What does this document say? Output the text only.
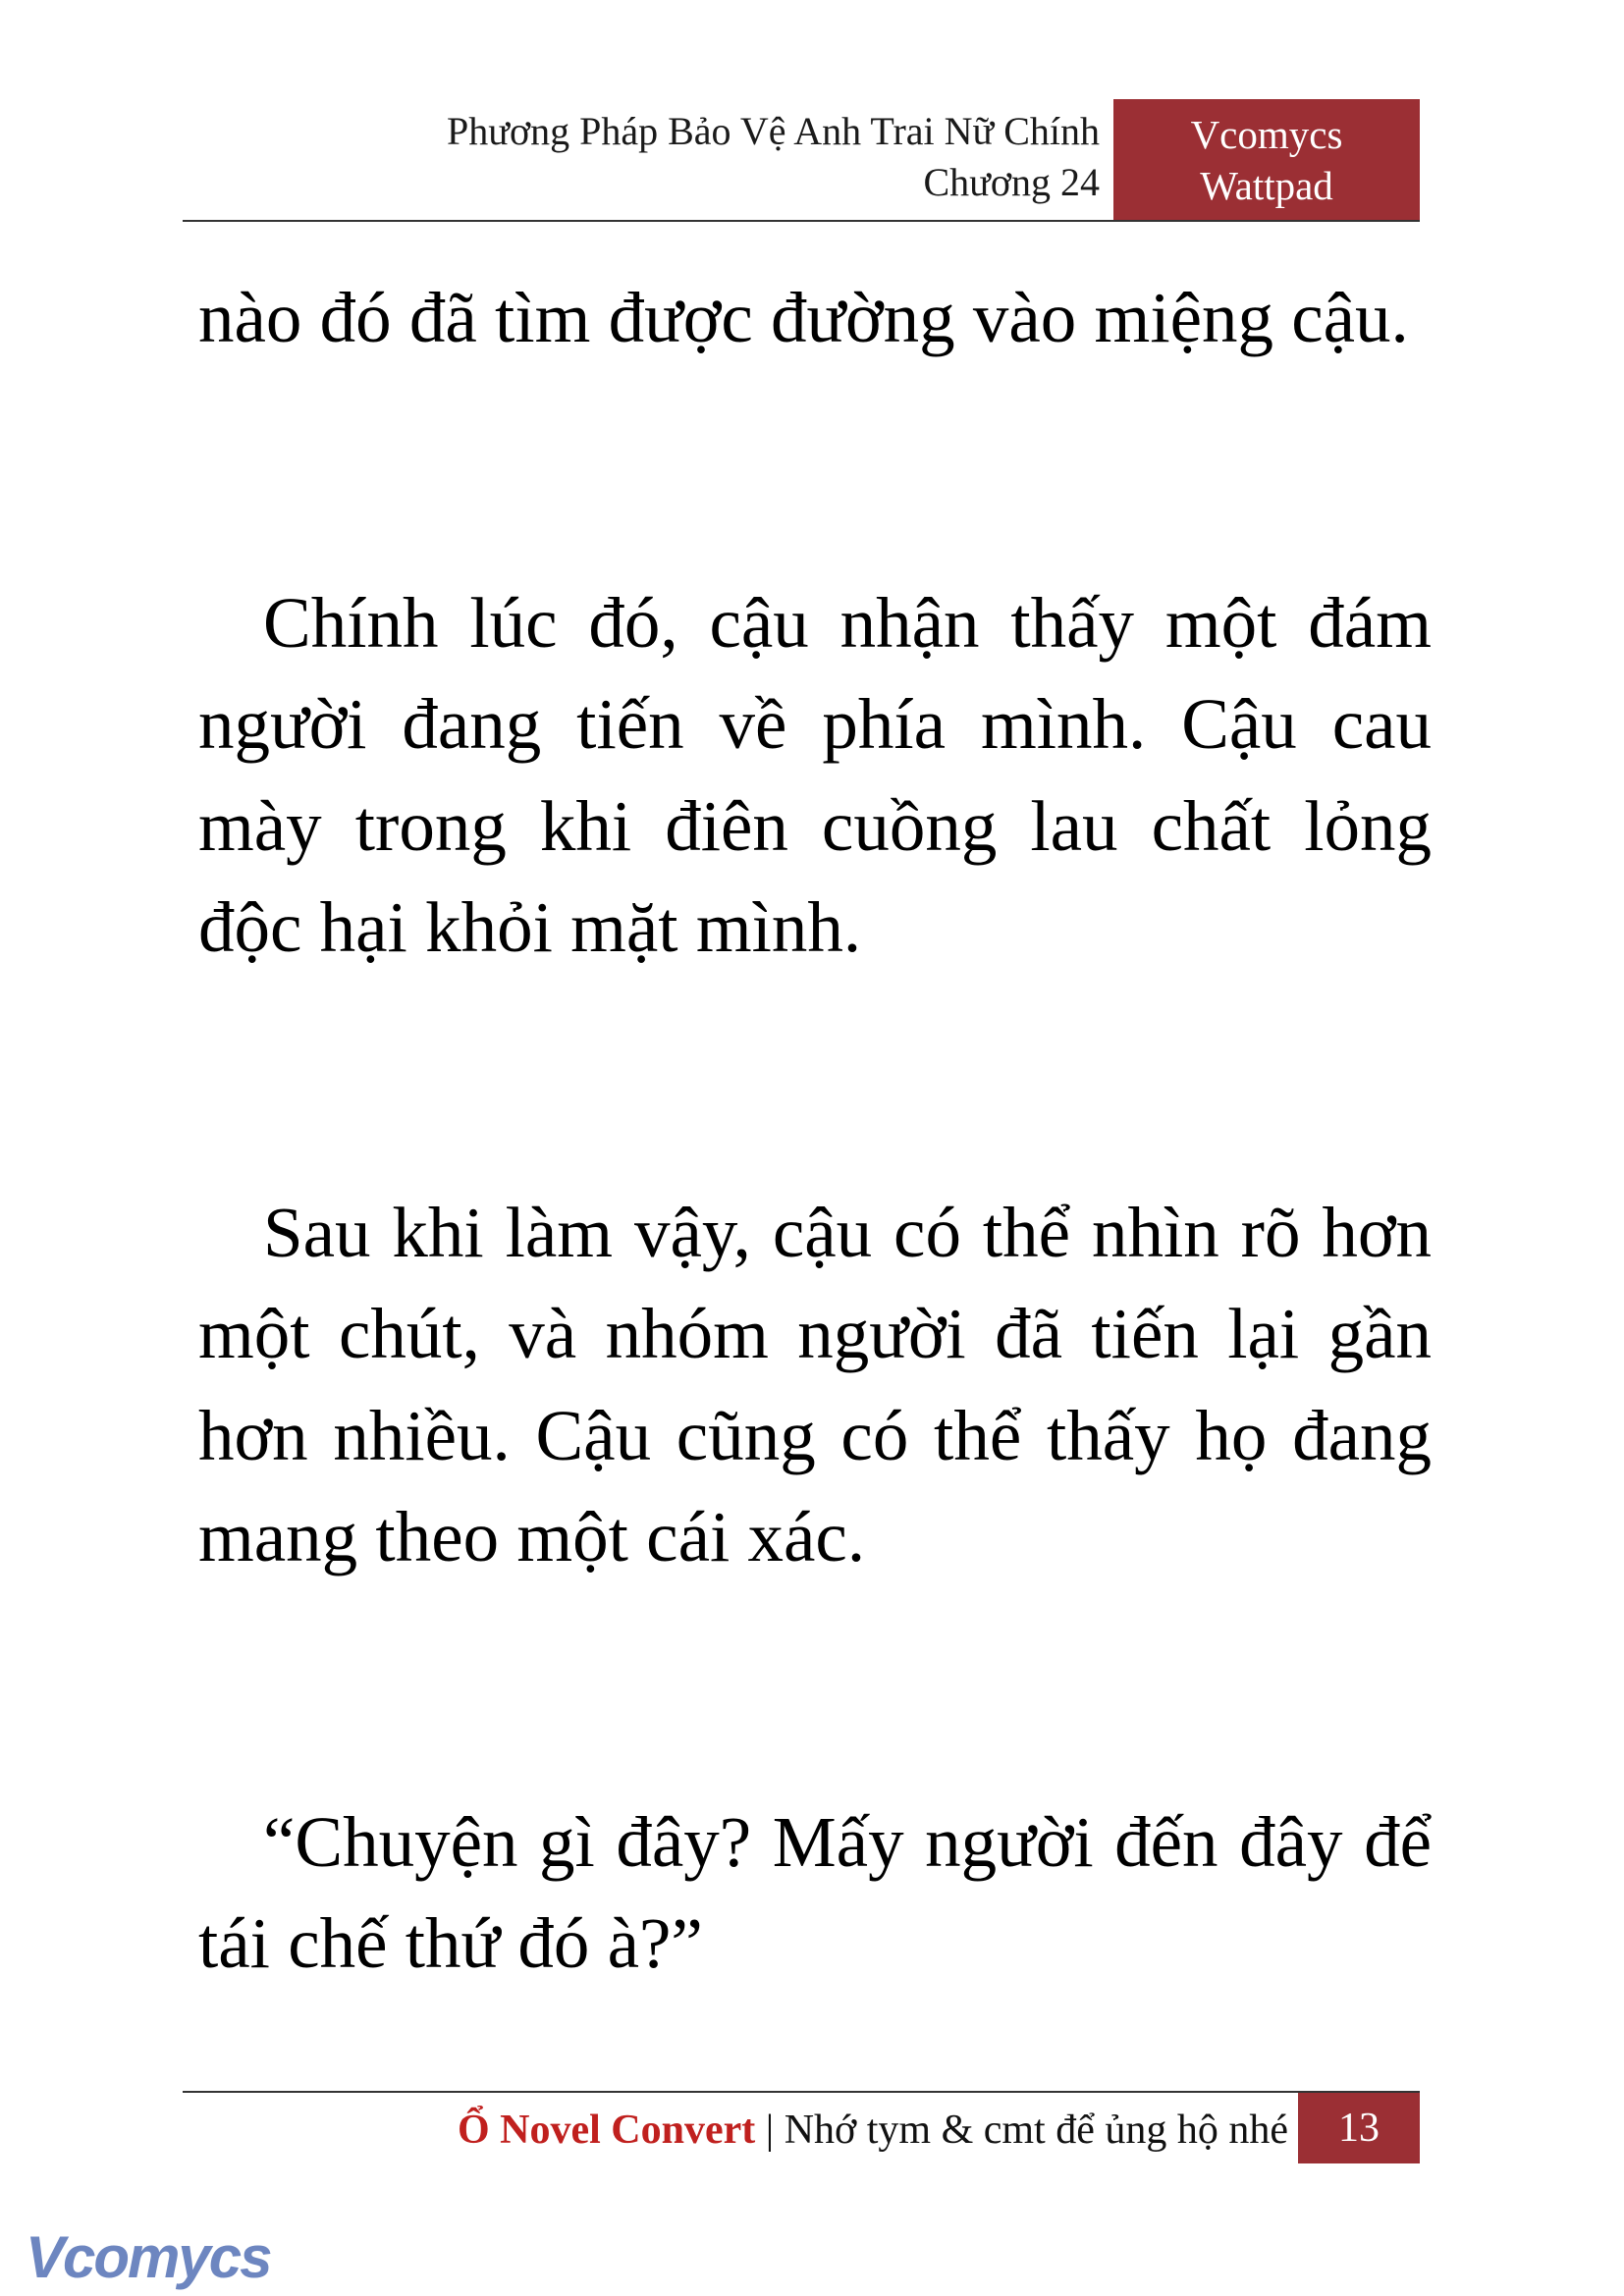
Phương Pháp Bảo Vệ Anh Trai Nữ Chính
Chương 24
Vcomycs
Wattpad

nào đó đã tìm được đường vào miệng cậu.

Chính lúc đó, cậu nhận thấy một đám người đang tiến về phía mình. Cậu cau mày trong khi điên cuồng lau chất lỏng độc hại khỏi mặt mình.

Sau khi làm vậy, cậu có thể nhìn rõ hơn một chút, và nhóm người đã tiến lại gần hơn nhiều. Cậu cũng có thể thấy họ đang mang theo một cái xác.

“Chuyện gì đây? Mấy người đến đây để tái chế thứ đó à?”

Ổ Novel Convert | Nhớ tym & cmt để ủng hộ nhé	13
Vcomycs
